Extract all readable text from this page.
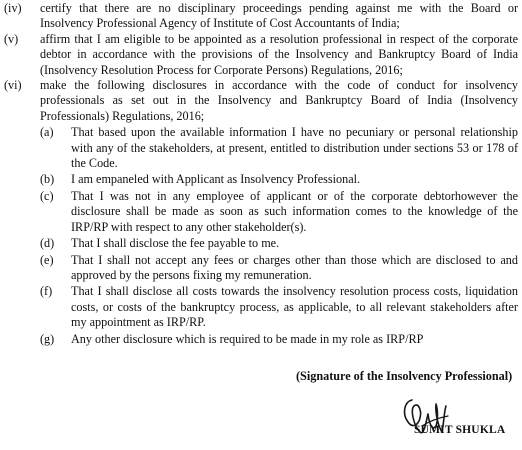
(iv) certify that there are no disciplinary proceedings pending against me with the Board or Insolvency Professional Agency of Institute of Cost Accountants of India;
(v) affirm that I am eligible to be appointed as a resolution professional in respect of the corporate debtor in accordance with the provisions of the Insolvency and Bankruptcy Board of India (Insolvency Resolution Process for Corporate Persons) Regulations, 2016;
(vi) make the following disclosures in accordance with the code of conduct for insolvency professionals as set out in the Insolvency and Bankruptcy Board of India (Insolvency Professionals) Regulations, 2016;
(a) That based upon the available information I have no pecuniary or personal relationship with any of the stakeholders, at present, entitled to distribution under sections 53 or 178 of the Code.
(b) I am empaneled with Applicant as Insolvency Professional.
(c) That I was not in any employee of applicant or of the corporate debtorhowever the disclosure shall be made as soon as such information comes to the knowledge of the IRP/RP with respect to any other stakeholder(s).
(d) That I shall disclose the fee payable to me.
(e) That I shall not accept any fees or charges other than those which are disclosed to and approved by the persons fixing my remuneration.
(f) That I shall disclose all costs towards the insolvency resolution process costs, liquidation costs, or costs of the bankruptcy process, as applicable, to all relevant stakeholders after my appointment as IRP/RP.
(g) Any other disclosure which is required to be made in my role as IRP/RP
(Signature of the Insolvency Professional)
SUMIT SHUKLA
